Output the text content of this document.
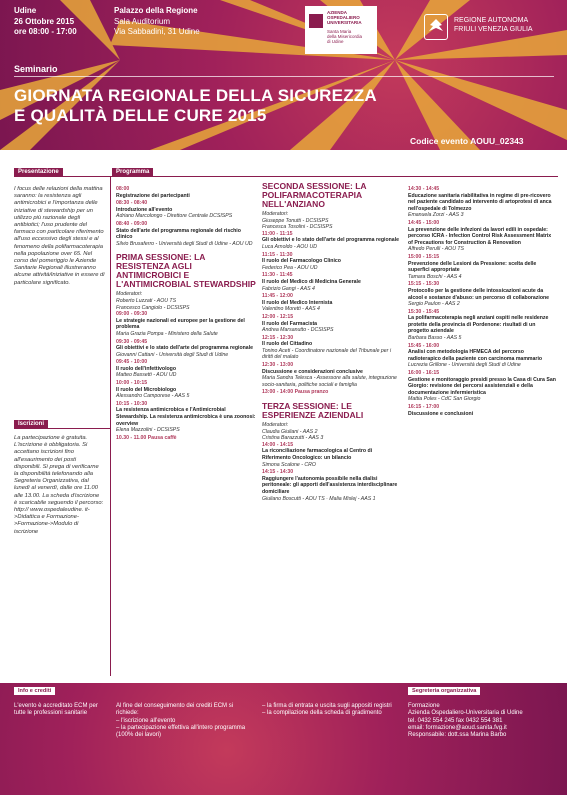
Udine
26 Ottobre 2015
ore 08:00 - 17:00
Palazzo della Regione
Sala Auditorium
Via Sabbadini, 31 Udine
AZIENDA
OSPEDALIERO
UNIVERSITARIA
Santa Maria
della Misericordia
di Udine
REGIONE AUTONOMA
FRIULI VENEZIA GIULIA
Seminario
GIORNATA REGIONALE DELLA SICUREZZA
E QUALITÀ DELLE CURE 2015
Codice evento AOUU_02343
Presentazione	Programma
I focus delle relazioni della mattina saranno: la resistenza agli antimicrobici e l'importanza delle iniziative di stewardship per un utilizzo più razionale degli antibiotici; l'uso prudente del farmaco con particolare riferimento all'uso eccessivo degli stessi e al fenomeno della polifarmacoterapia nella popolazione over 65. Nel corso del pomeriggio le Aziende Sanitarie Regionali illustreranno alcune attività/iniziative in essere di particolare significato.
Iscrizioni
La partecipazione è gratuita. L'iscrizione è obbligatoria. Si accettano iscrizioni fino all'esaurimento dei posti disponibili. Si prega di verificarne la disponibilità telefonando alla Segreteria Organizzativa, dal lunedì al venerdì, dalle ore 11.00 alle 13.00. La scheda d'iscrizione è scaricabile seguendo il percorso: http:// www.ospedaleudine. it->Didattica e Formazione- >Formazione->Modulo di iscrizione
08:00
Registrazione dei partecipanti
08:30 - 08:40
Introduzione all'evento
Adriano Marcolongo - Direttore Centrale DCSISPS
08:40 - 09:00
Stato dell'arte del programma regionale del rischio clinico
Silvio Brusaferro - Università degli Studi di Udine - AOU UD
PRIMA SESSIONE: LA RESISTENZA AGLI ANTIMICROBICI E L'ANTIMICROBIAL STEWARDSHIP
Moderatori:
Roberto Luzzati - AOU TS
Francesco Cangiolo - DCSISPS
09:00 - 09:30
Le strategie nazionali ed europee per la gestione del problema
Maria Grazia Pompa - Ministero della Salute
09:30 - 09:45
Gli obiettivi e lo stato dell'arte del programma regionale
Giovanni Cattani - Università degli Studi di Udine
09:45 - 10:00
Il ruolo dell'infettivologo
Matteo Bassetti - AOU UD
10:00 - 10:15
Il ruolo del Microbiologo
Alessandro Camporese - AAS 5
10:15 - 10:30
La resistenza antimicrobica e l'Antimicrobial Stewardship. La resistenza antimicrobica è una zoonosi: overview
Elena Mazzolini - DCSISPS
10.30 - 11.00 Pausa caffè
SECONDA SESSIONE: LA POLIFARMACOTERAPIA NELL'ANZIANO
Moderatori:
Giuseppe Tonutti - DCSISPS
Francesca Tosolini - DCSISPS
11:00 - 11:15
Gli obiettivi e lo stato dell'arte del programma regionale
Luca Arnoldo - AOU UD
11:15 - 11:30
Il ruolo del Farmacologo Clinico
Federico Pea - AOU UD
11:30 - 11:45
Il ruolo del Medico di Medicina Generale
Fabrizio Gangi - AAS 4
11:45 - 12:00
Il ruolo del Medico Internista
Valentino Moretti - AAS 4
12:00 - 12:15
Il ruolo del Farmacista
Andrea Marsanutto - DCSISPS
12:15 - 12:30
Il ruolo del Cittadino
Tonino Aceti - Coordinatore nazionale del Tribunale per i diritti del malato
12:30 - 13:00
Discussione e considerazioni conclusive
Maria Sandra Telesca - Assessore alla salute, integrazione socio-sanitaria, politiche sociali e famiglia
13:00 - 14:00 Pausa pranzo
TERZA SESSIONE: LE ESPERIENZE AZIENDALI
Moderatori:
Claudia Giuliani - AAS 2
Cristina Barazzutti - AAS 3
14:00 - 14:15
La riconciliazione farmacologica al Centro di Riferimento Oncologico: un bilancio
Simona Scalone - CRO
14:15 - 14:30
Raggiungere l'autonomia possibile nella dialisi peritoneale: gli apporti dell'assistenza interdisciplinare domiciliare
Giuliano Boscutti - AOU TS · Malia Mislej - AAS 1
14:30 - 14:45
Educazione sanitaria riabilitativa in regime di pre-ricovero nel paziente candidato ad intervento di artoprotesi di anca nell'ospedale di Tolmezzo
Emanuela Zorzi - AAS 3
14:45 - 15:00
La prevenzione delle infezioni da lavori edili in ospedale: percorso ICRA - Infection Control Risk Assessment Matrix of Precautions for Construction & Renovation
Alfredo Perulli - AOU TS
15:00 - 15:15
Prevenzione delle Lesioni da Pressione: scelta delle superfici appropriate
Tamara Boschi - AAS 4
15:15 - 15:30
Protocollo per la gestione delle intossicazioni acute da alcool e sostanze d'abuso: un percorso di collaborazione
Sergio Paulon - AAS 2
15:30 - 15:45
La polifarmacoterapia negli anziani ospiti nelle residenze protette della provincia di Pordenone: risultati di un progetto aziendale
Barbara Basso - AAS 5
15:45 - 16:00
Analisi con metodologia HFMECA del percorso radioterapico della paziente con carcinoma mammario
Lucrezia Grillone - Università degli Studi di Udine
16:00 - 16:15
Gestione e monitoraggio presidi presso la Casa di Cura San Giorgio: revisione dei percorsi assistenziali e della documentazione infermieristica
Mattia Poles - CdC San Giorgio
16:15 - 17:00
Discussione e conclusioni
Info e crediti
L'evento è accreditato ECM per tutte le professioni sanitarie
Al fine del conseguimento dei crediti ECM si richiede:
– l'iscrizione all'evento
– la partecipazione effettiva all'intero programma (100% dei lavori)
– la firma di entrata e uscita sugli appositi registri
– la compilazione della scheda di gradimento
Segreteria organizzativa
Formazione
Azienda Ospedaliero-Universitaria di Udine
tel. 0432 554 245 fax 0432 554 381
email: formazione@aoud.sanita.fvg.it
Responsabile: dott.ssa Marina Barbo
